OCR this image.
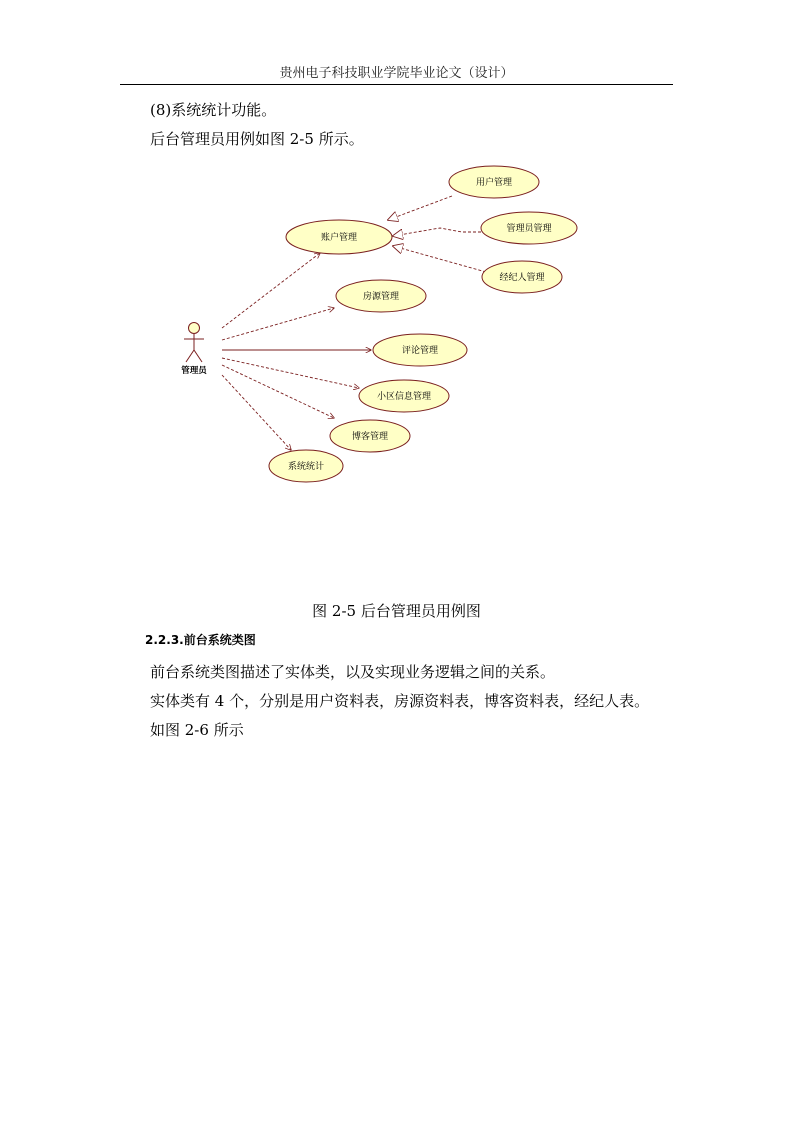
贵州电子科技职业学院毕业论文（设计）
(8)系统统计功能。
后台管理员用例如图 2-5 所示。
管理员
账户管理
用户管理
管理员管理
经纪人管理
房源管理
评论管理
小区信息管理
博客管理
系统统计
图 2-5 后台管理员用例图
2.2.3.前台系统类图
前台系统类图描述了实体类，以及实现业务逻辑之间的关系。
实体类有 4 个，分别是用户资料表，房源资料表，博客资料表，经纪人表。
如图 2-6 所示
